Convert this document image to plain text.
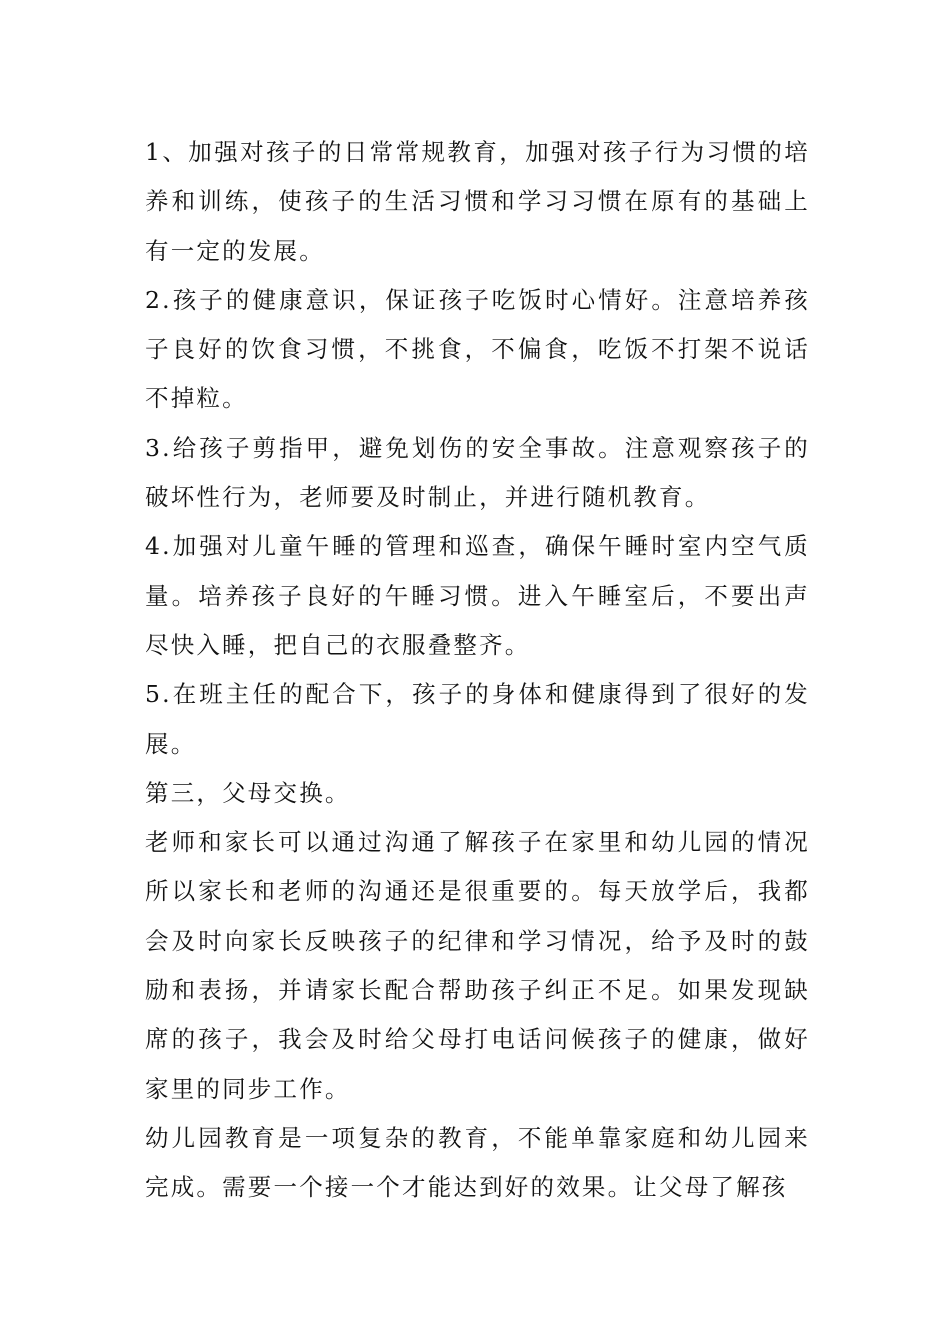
1、加强对孩子的日常常规教育，加强对孩子行为习惯的培养和训练，使孩子的生活习惯和学习习惯在原有的基础上有一定的发展。

2.孩子的健康意识，保证孩子吃饭时心情好。注意培养孩子良好的饮食习惯，不挑食，不偏食，吃饭不打架不说话不掉粒。

3.给孩子剪指甲，避免划伤的安全事故。注意观察孩子的破坏性行为，老师要及时制止，并进行随机教育。

4.加强对儿童午睡的管理和巡查，确保午睡时室内空气质量。培养孩子良好的午睡习惯。进入午睡室后，不要出声尽快入睡，把自己的衣服叠整齐。

5.在班主任的配合下，孩子的身体和健康得到了很好的发展。

第三，父母交换。

老师和家长可以通过沟通了解孩子在家里和幼儿园的情况所以家长和老师的沟通还是很重要的。每天放学后，我都会及时向家长反映孩子的纪律和学习情况，给予及时的鼓励和表扬，并请家长配合帮助孩子纠正不足。如果发现缺席的孩子，我会及时给父母打电话问候孩子的健康，做好家里的同步工作。

幼儿园教育是一项复杂的教育，不能单靠家庭和幼儿园来完成。需要一个接一个才能达到好的效果。让父母了解孩
